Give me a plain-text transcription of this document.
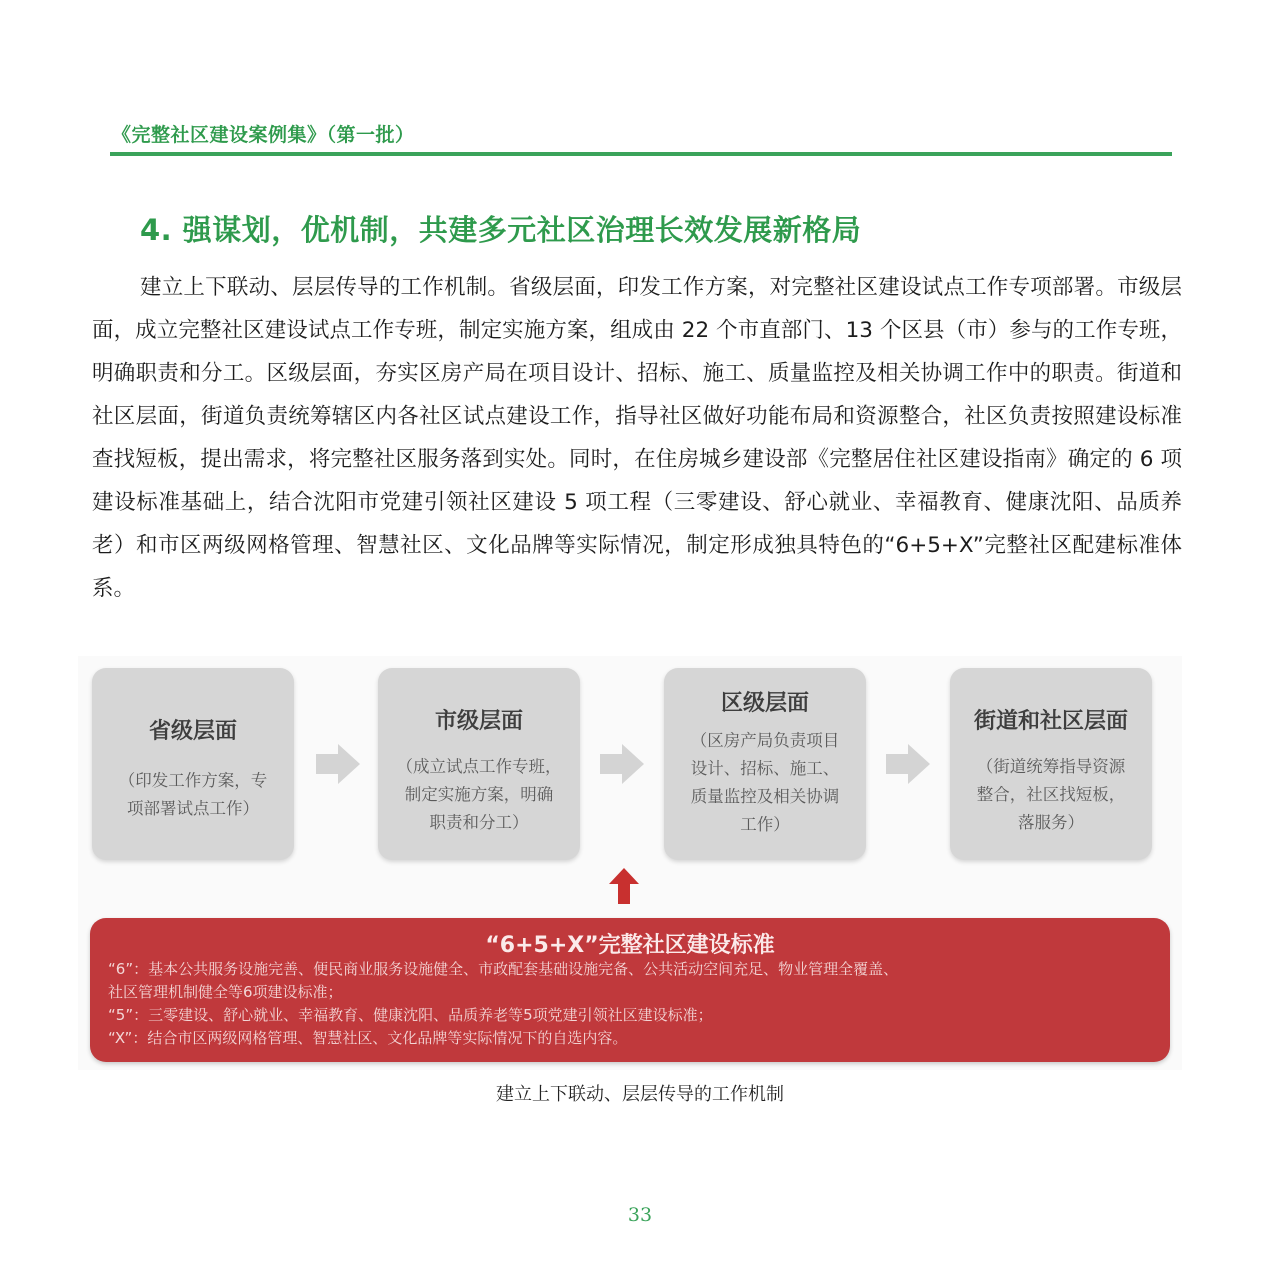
《完整社区建设案例集》（第一批）
4. 强谋划，优机制，共建多元社区治理长效发展新格局

建立上下联动、层层传导的工作机制。省级层面，印发工作方案，对完整社区建设试点工作专项部署。市级层面，成立完整社区建设试点工作专班，制定实施方案，组成由 22 个市直部门、13 个区县（市）参与的工作专班，明确职责和分工。区级层面，夯实区房产局在项目设计、招标、施工、质量监控及相关协调工作中的职责。街道和社区层面，街道负责统筹辖区内各社区试点建设工作，指导社区做好功能布局和资源整合，社区负责按照建设标准查找短板，提出需求，将完整社区服务落到实处。同时，在住房城乡建设部《完整居住社区建设指南》确定的 6 项建设标准基础上，结合沈阳市党建引领社区建设 5 项工程（三零建设、舒心就业、幸福教育、健康沈阳、品质养老）和市区两级网格管理、智慧社区、文化品牌等实际情况，制定形成独具特色的“6+5+X”完整社区配建标准体系。

省级层面
（印发工作方案，专
项部署试点工作）
市级层面
（成立试点工作专班，
制定实施方案，明确
职责和分工）
区级层面
（区房产局负责项目
设计、招标、施工、
质量监控及相关协调
工作）
街道和社区层面
（街道统筹指导资源
整合，社区找短板，
落服务）
“6+5+X”完整社区建设标准
“6”：基本公共服务设施完善、便民商业服务设施健全、市政配套基础设施完备、公共活动空间充足、物业管理全覆盖、
社区管理机制健全等6项建设标准；
“5”：三零建设、舒心就业、幸福教育、健康沈阳、品质养老等5项党建引领社区建设标准；
“X”：结合市区两级网格管理、智慧社区、文化品牌等实际情况下的自选内容。
建立上下联动、层层传导的工作机制
33
